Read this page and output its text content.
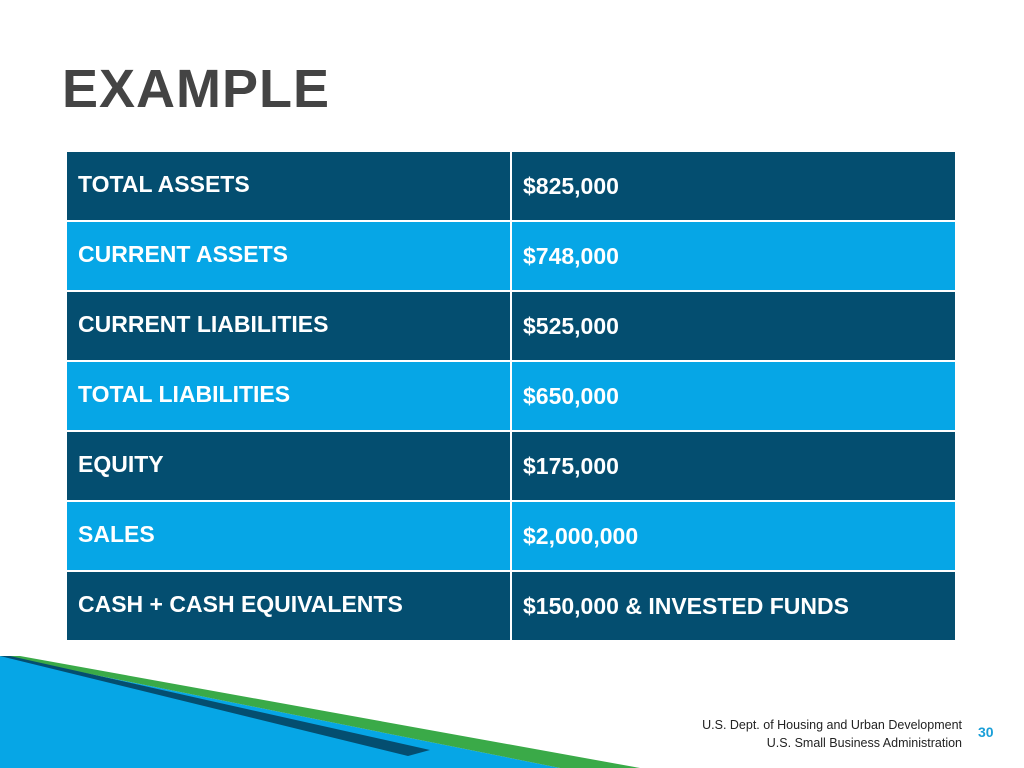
EXAMPLE
TOTAL ASSETS	$825,000
CURRENT ASSETS	$748,000
CURRENT LIABILITIES	$525,000
TOTAL LIABILITIES	$650,000
EQUITY	$175,000
SALES	$2,000,000
CASH + CASH EQUIVALENTS	$150,000 & INVESTED FUNDS
U.S. Dept. of Housing and Urban Development
U.S. Small Business Administration
30
